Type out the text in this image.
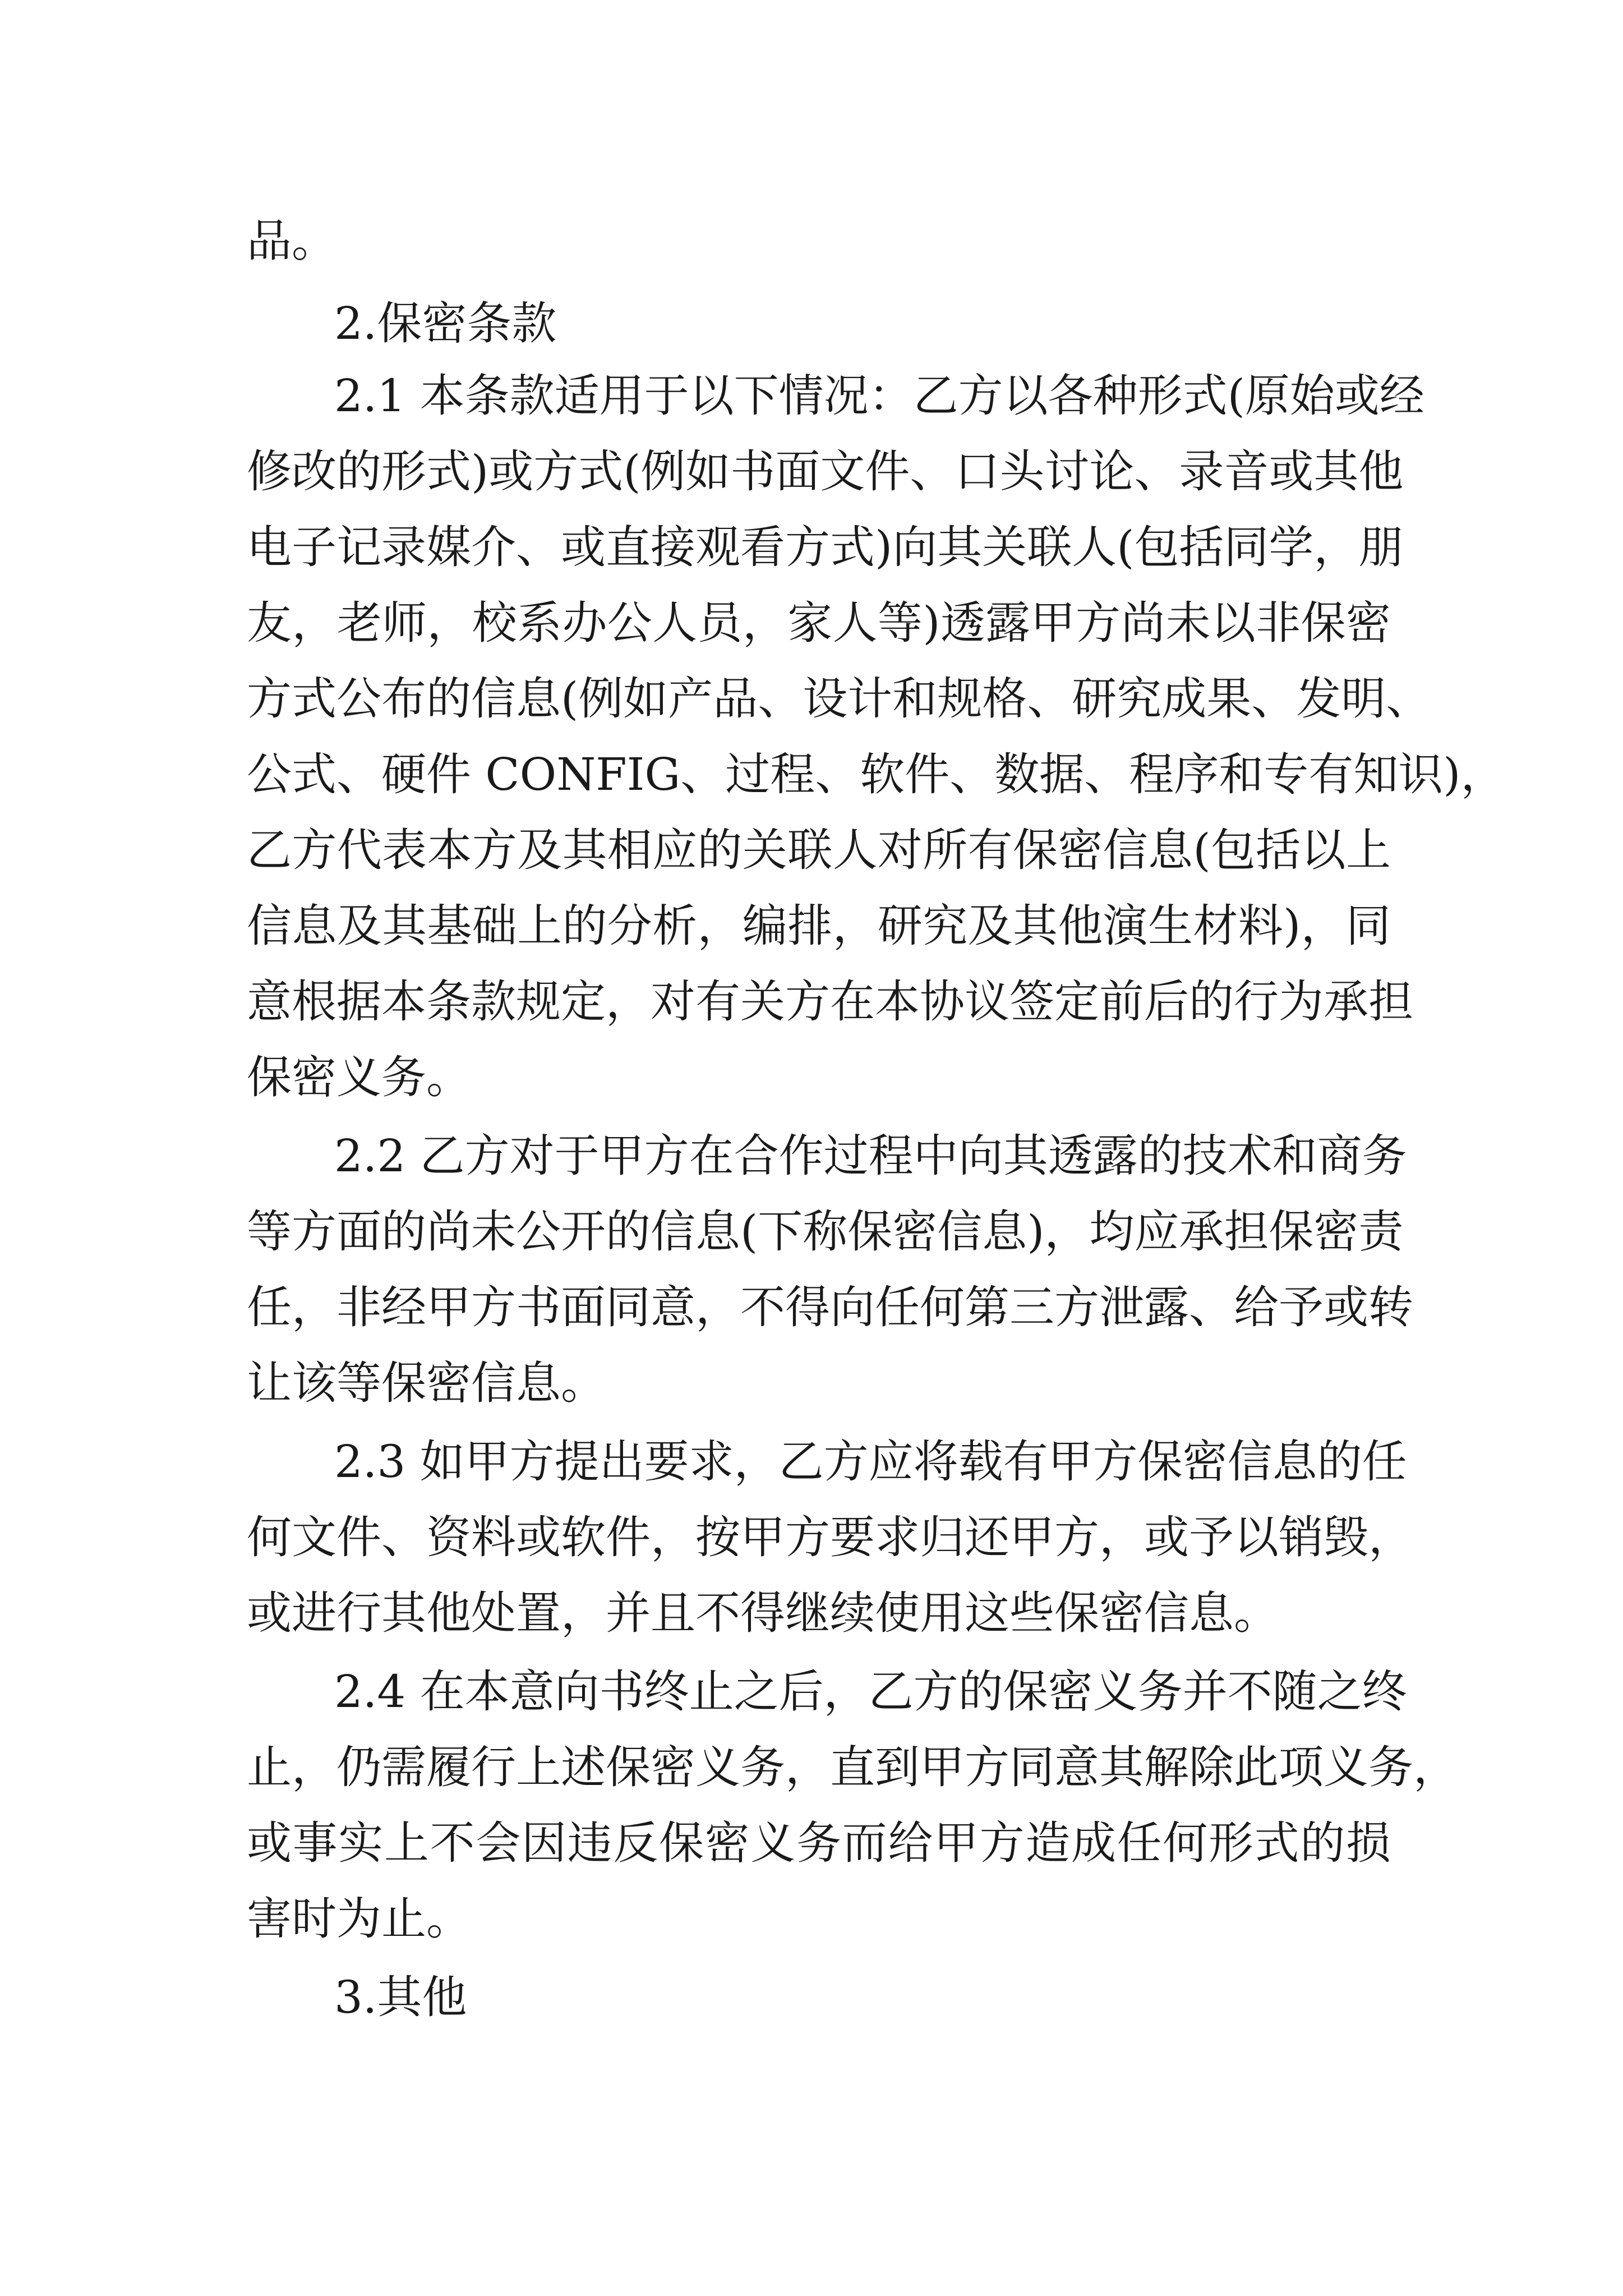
品。
2.保密条款
2.1 本条款适用于以下情况：乙方以各种形式(原始或经
修改的形式)或方式(例如书面文件、口头讨论、录音或其他
电子记录媒介、或直接观看方式)向其关联人(包括同学，朋
友，老师，校系办公人员，家人等)透露甲方尚未以非保密
方式公布的信息(例如产品、设计和规格、研究成果、发明、
公式、硬件 CONFIG、过程、软件、数据、程序和专有知识)，
乙方代表本方及其相应的关联人对所有保密信息(包括以上
信息及其基础上的分析，编排，研究及其他演生材料)，同
意根据本条款规定，对有关方在本协议签定前后的行为承担
保密义务。
2.2 乙方对于甲方在合作过程中向其透露的技术和商务
等方面的尚未公开的信息(下称保密信息)，均应承担保密责
任，非经甲方书面同意，不得向任何第三方泄露、给予或转
让该等保密信息。
2.3 如甲方提出要求，乙方应将载有甲方保密信息的任
何文件、资料或软件，按甲方要求归还甲方，或予以销毁，
或进行其他处置，并且不得继续使用这些保密信息。
2.4 在本意向书终止之后，乙方的保密义务并不随之终
止，仍需履行上述保密义务，直到甲方同意其解除此项义务，
或事实上不会因违反保密义务而给甲方造成任何形式的损
害时为止。
3.其他
